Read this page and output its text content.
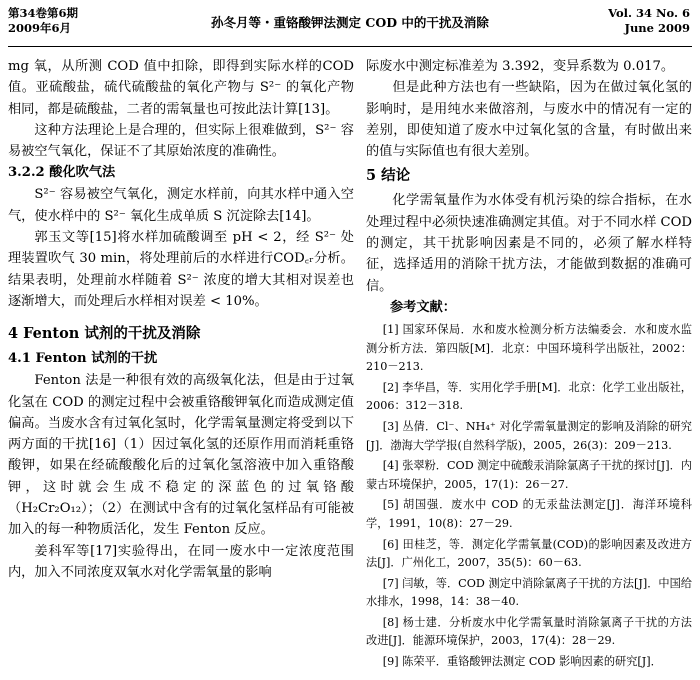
第34卷第6期
2009年6月	孙冬月等・重铬酸钾法测定 COD 中的干扰及消除
Vol. 34 No. 6
June 2009

mg 氧，从所测 COD 值中扣除，即得到实际水样的COD 值。亚硫酸盐，硫代硫酸盐的氧化产物与 S²⁻ 的氧化产物相同，都是硫酸盐，二者的需氧量也可按此法计算[13]。

这种方法理论上是合理的，但实际上很难做到，S²⁻ 容易被空气氧化，保证不了其原始浓度的准确性。

3.2.2 酸化吹气法

S²⁻ 容易被空气氧化，测定水样前，向其水样中通入空气，使水样中的 S²⁻ 氧化生成单质 S 沉淀除去[14]。

郭玉文等[15]将水样加硫酸调至 pH < 2，经 S²⁻ 处理装置吹气 30 min，将处理前后的水样进行COD꜀ᵣ分析。结果表明，处理前水样随着 S²⁻ 浓度的增大其相对误差也逐渐增大，而处理后水样相对误差 < 10%。

4 Fenton 试剂的干扰及消除

4.1 Fenton 试剂的干扰

Fenton 法是一种很有效的高级氧化法，但是由于过氧化氢在 COD 的测定过程中会被重铬酸钾氧化而造成测定值偏高。当废水含有过氧化氢时，化学需氧量测定将受到以下两方面的干扰[16]（1）因过氧化氢的还原作用而消耗重铬酸钾，如果在经硫酸酸化后的过氧化氢溶液中加入重铬酸钾，这时就会生成不稳定的深蓝色的过氧铬酸（H₂Cr₂O₁₂）；（2）在测试中含有的过氧化氢样品有可能被加入的每一种物质活化，发生 Fenton 反应。

姜科军等[17]实验得出，在同一废水中一定浓度范围内，加入不同浓度双氧水对化学需氧量的影响

际废水中测定标准差为 3.392，变异系数为 0.017。

但是此种方法也有一些缺陷，因为在做过氧化氢的影响时，是用纯水来做溶剂，与废水中的情况有一定的差别，即使知道了废水中过氧化氢的含量，有时做出来的值与实际值也有很大差别。

5 结论

化学需氧量作为水体受有机污染的综合指标，在水处理过程中必须快速准确测定其值。对于不同水样 COD 的测定，其干扰影响因素是不同的，必须了解水样特征，选择适用的消除干扰方法，才能做到数据的准确可信。

参考文献：

[1] 国家环保局．水和废水检测分析方法编委会．水和废水监测分析方法．第四版[M]．北京：中国环境科学出版社，2002：210－213.

[2] 李华昌，等．实用化学手册[M]．北京：化学工业出版社，2006：312－318.

[3] 丛倩．Cl⁻、NH₄⁺ 对化学需氧量测定的影响及消除的研究[J]．渤海大学学报(自然科学版)，2005，26(3)：209－213.

[4] 张翠粉．COD 测定中硫酸汞消除氯离子干扰的探讨[J]．内蒙古环境保护，2005，17(1)：26－27.

[5] 胡国强．废水中 COD 的无汞盐法测定[J]．海洋环境科学，1991，10(8)：27－29.

[6] 田桂芝，等．测定化学需氧量(COD)的影响因素及改进方法[J]．广州化工，2007，35(5)：60－63.

[7] 闫敏，等．COD 测定中消除氯离子干扰的方法[J]．中国给水排水，1998，14：38－40.

[8] 杨士建．分析废水中化学需氧量时消除氯离子干扰的方法改进[J]．能源环境保护，2003，17(4)：28－29.

[9] 陈荣平．重铬酸钾法测定 COD 影响因素的研究[J]．
